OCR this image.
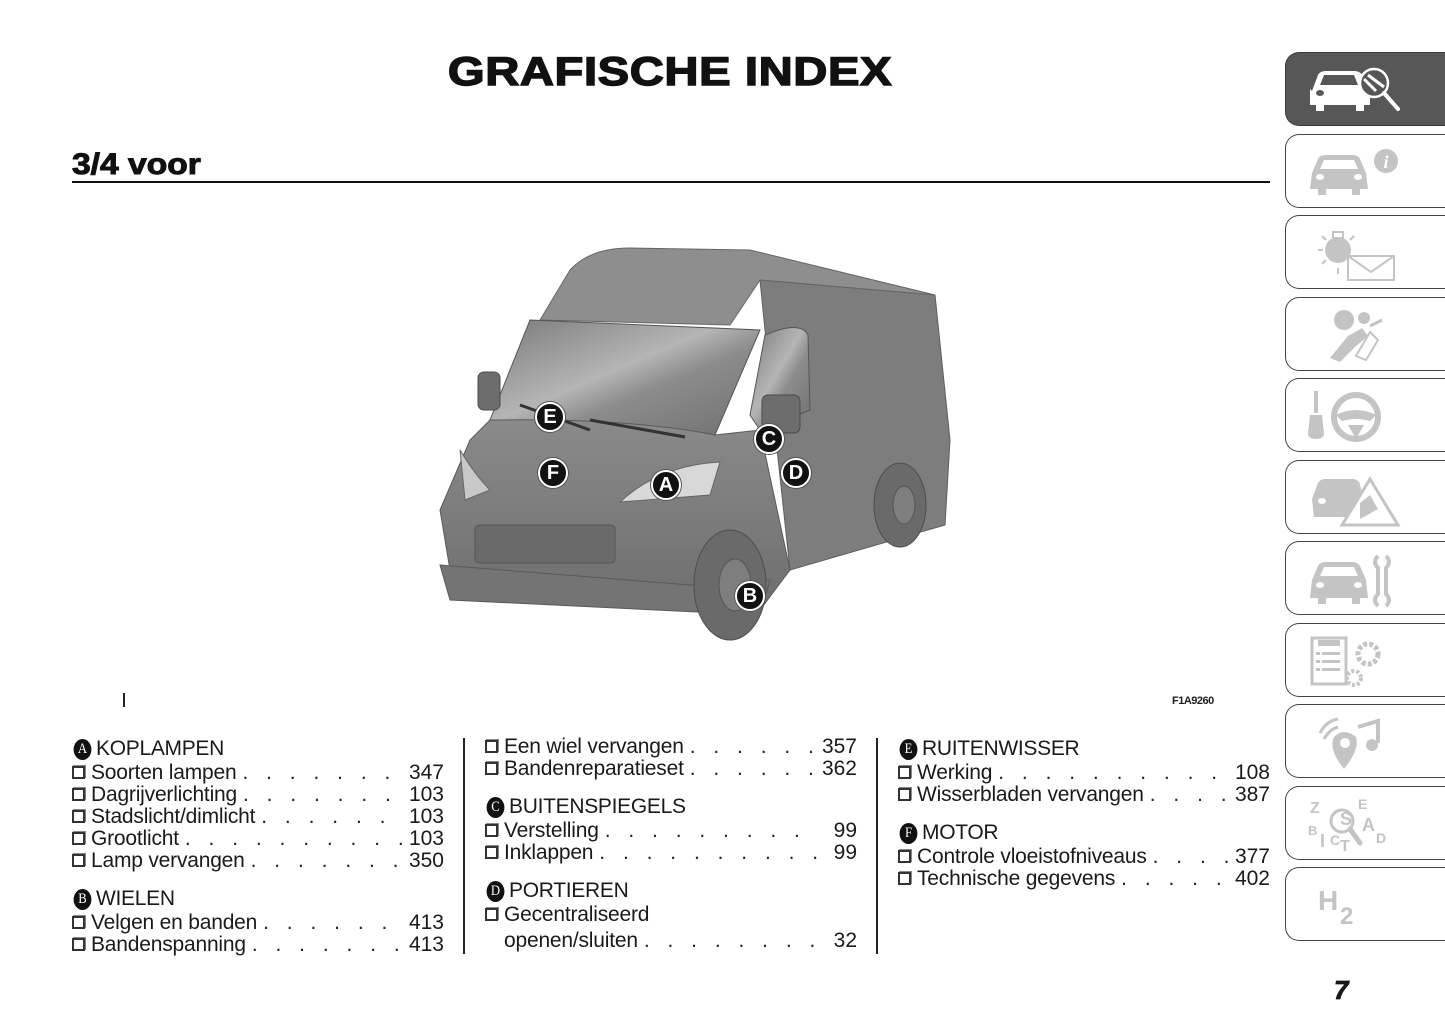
GRAFISCHE INDEX
3/4 voor
A
B
C
D
E
F
F1A9260
A KOPLAMPEN
Soorten lampen . . .	347
Dagrijverlichting . . .	103
Stadslicht/dimlicht . . .	103
Grootlicht . . .	103
Lamp vervangen . . .	350
B WIELEN
Velgen en banden . . .	413
Bandenspanning . . .	413
Een wiel vervangen . . .	357
Bandenreparatieset . . .	362
C BUITENSPIEGELS
Verstelling . . .	99
Inklappen . . .	99
D PORTIEREN
Gecentraliseerd
openen/sluiten . . .	32
E RUITENWISSER
Werking . . .	108
Wisserbladen vervangen . . .	387
F MOTOR
Controle vloeistofniveaus . . .	377
Technische gegevens . . .	402
i
Z
B
I C T
E
A
D
S
H
2
7
